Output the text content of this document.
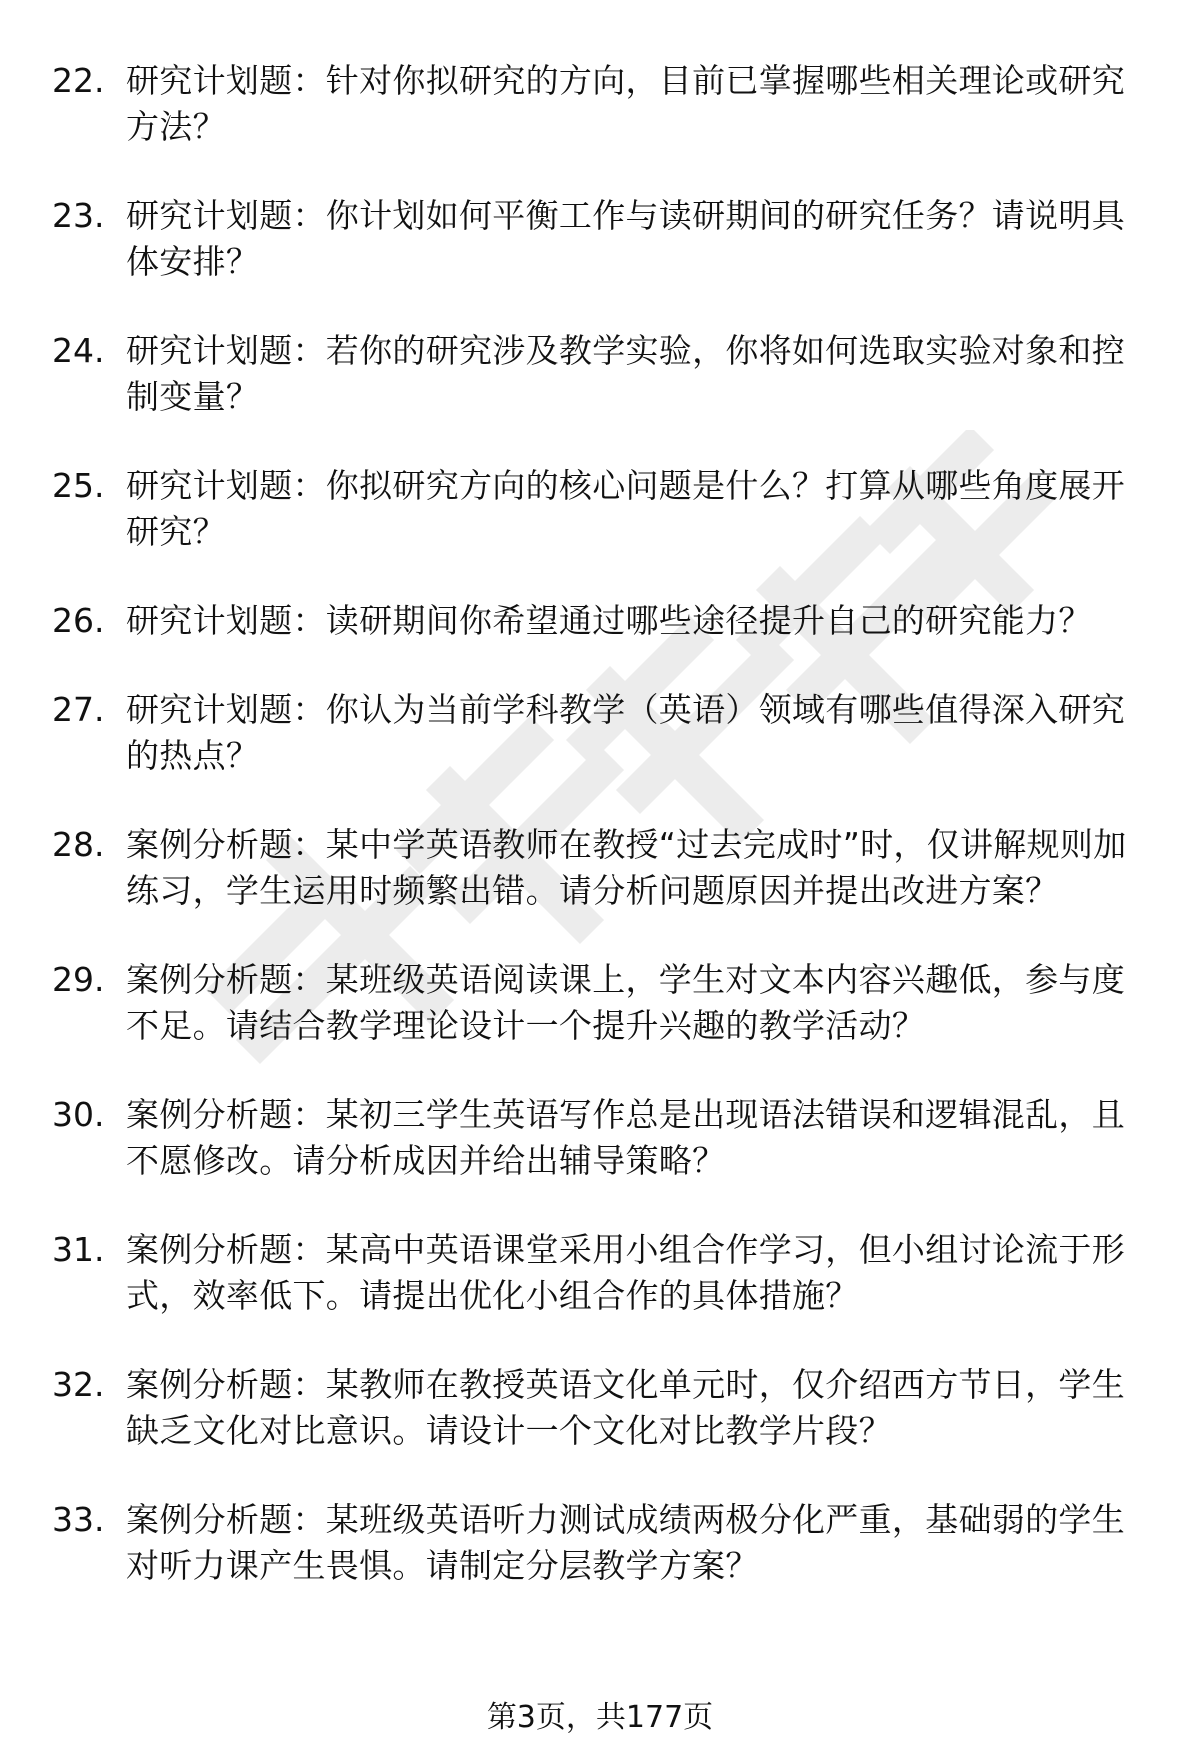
22. 研究计划题：针对你拟研究的方向，目前已掌握哪些相关理论或研究方法？
23. 研究计划题：你计划如何平衡工作与读研期间的研究任务？请说明具体安排？
24. 研究计划题：若你的研究涉及教学实验，你将如何选取实验对象和控制变量？
25. 研究计划题：你拟研究方向的核心问题是什么？打算从哪些角度展开研究？
26. 研究计划题：读研期间你希望通过哪些途径提升自己的研究能力？
27. 研究计划题：你认为当前学科教学（英语）领域有哪些值得深入研究的热点？
28. 案例分析题：某中学英语教师在教授“过去完成时”时，仅讲解规则加练习，学生运用时频繁出错。请分析问题原因并提出改进方案？
29. 案例分析题：某班级英语阅读课上，学生对文本内容兴趣低，参与度不足。请结合教学理论设计一个提升兴趣的教学活动？
30. 案例分析题：某初三学生英语写作总是出现语法错误和逻辑混乱，且不愿修改。请分析成因并给出辅导策略？
31. 案例分析题：某高中英语课堂采用小组合作学习，但小组讨论流于形式，效率低下。请提出优化小组合作的具体措施？
32. 案例分析题：某教师在教授英语文化单元时，仅介绍西方节日，学生缺乏文化对比意识。请设计一个文化对比教学片段？
33. 案例分析题：某班级英语听力测试成绩两极分化严重，基础弱的学生对听力课产生畏惧。请制定分层教学方案？
第3页，共177页
